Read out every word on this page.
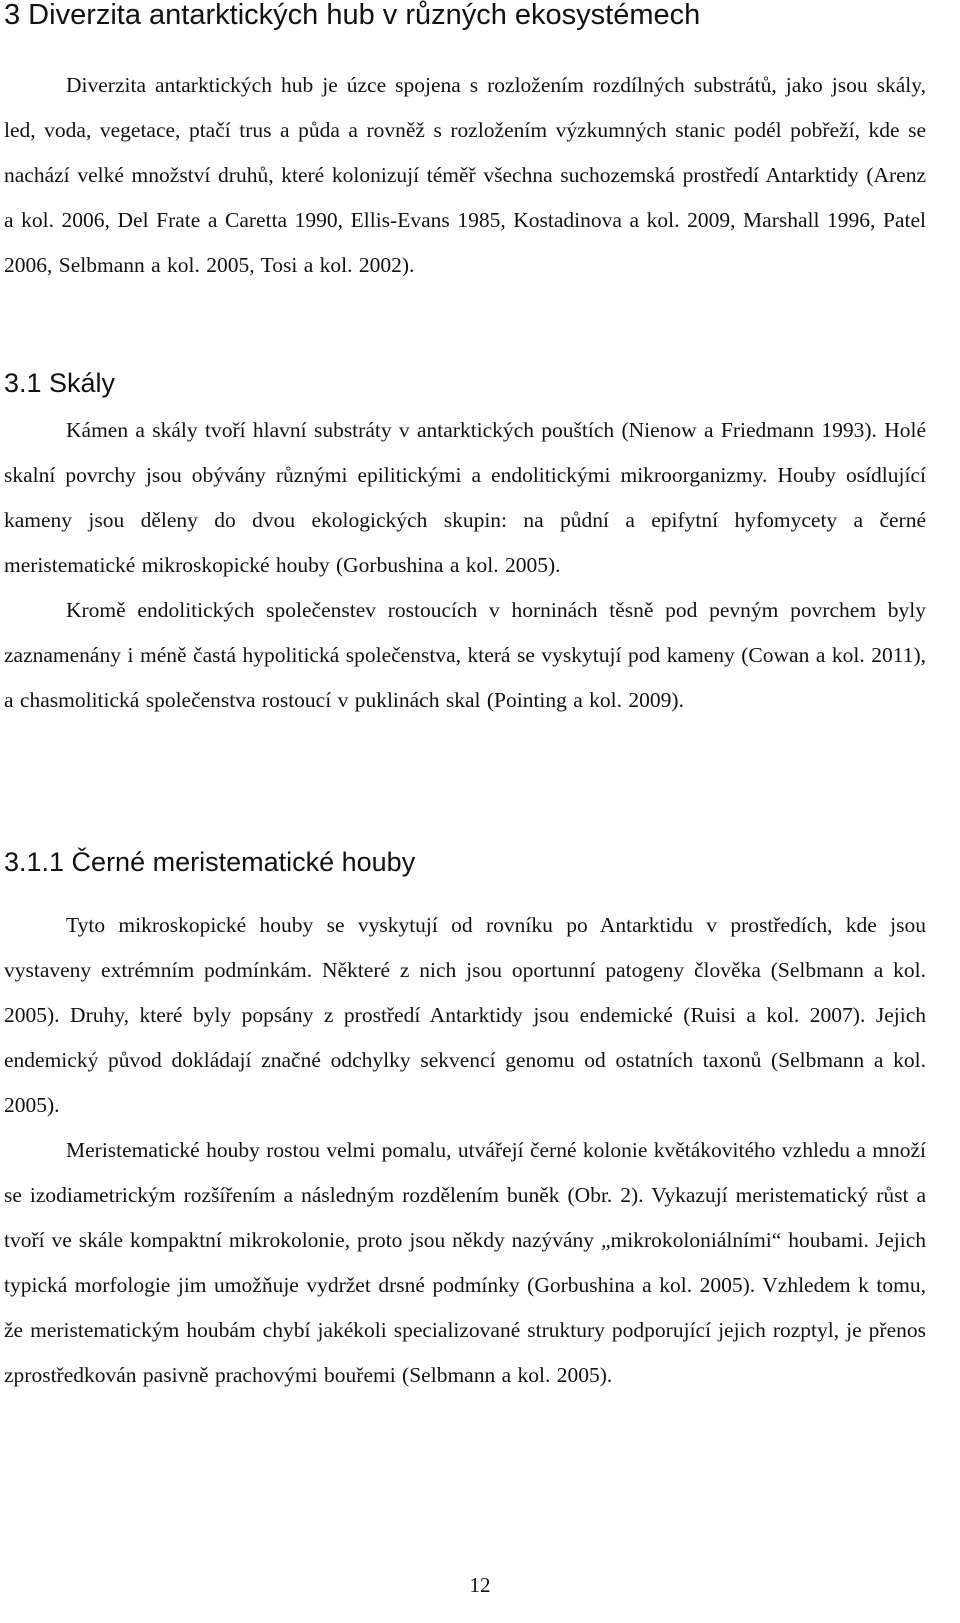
3 Diverzita antarktických hub v různých ekosystémech

Diverzita antarktických hub je úzce spojena s rozložením rozdílných substrátů, jako jsou skály, led, voda, vegetace, ptačí trus a půda a rovněž s rozložením výzkumných stanic podél pobřeží, kde se nachází velké množství druhů, které kolonizují téměř všechna suchozemská prostředí Antarktidy (Arenz a kol. 2006, Del Frate a Caretta 1990, Ellis-Evans 1985, Kostadinova a kol. 2009, Marshall 1996, Patel 2006, Selbmann a kol. 2005, Tosi a kol. 2002).

3.1 Skály

Kámen a skály tvoří hlavní substráty v antarktických pouštích (Nienow a Friedmann 1993). Holé skalní povrchy jsou obývány různými epilitickými a endolitickými mikroorganizmy. Houby osídlující kameny jsou děleny do dvou ekologických skupin: na půdní a epifytní hyfomycety a černé meristematické mikroskopické houby (Gorbushina a kol. 2005).

Kromě endolitických společenstev rostoucích v horninách těsně pod pevným povrchem byly zaznamenány i méně častá hypolitická společenstva, která se vyskytují pod kameny (Cowan a kol. 2011), a chasmolitická společenstva rostoucí v puklinách skal (Pointing a kol. 2009).

3.1.1 Černé meristematické houby

Tyto mikroskopické houby se vyskytují od rovníku po Antarktidu v prostředích, kde jsou vystaveny extrémním podmínkám. Některé z nich jsou oportunní patogeny člověka (Selbmann a kol. 2005). Druhy, které byly popsány z prostředí Antarktidy jsou endemické (Ruisi a kol. 2007). Jejich endemický původ dokládají značné odchylky sekvencí genomu od ostatních taxonů (Selbmann a kol. 2005).

Meristematické houby rostou velmi pomalu, utvářejí černé kolonie květákovitého vzhledu a množí se izodiametrickým rozšířením a následným rozdělením buněk (Obr. 2). Vykazují meristematický růst a tvoří ve skále kompaktní mikrokolonie, proto jsou někdy nazývány „mikrokoloniálními“ houbami. Jejich typická morfologie jim umožňuje vydržet drsné podmínky (Gorbushina a kol. 2005). Vzhledem k tomu, že meristematickým houbám chybí jakékoli specializované struktury podporující jejich rozptyl, je přenos zprostředkován pasivně prachovými bouřemi (Selbmann a kol. 2005).

12
